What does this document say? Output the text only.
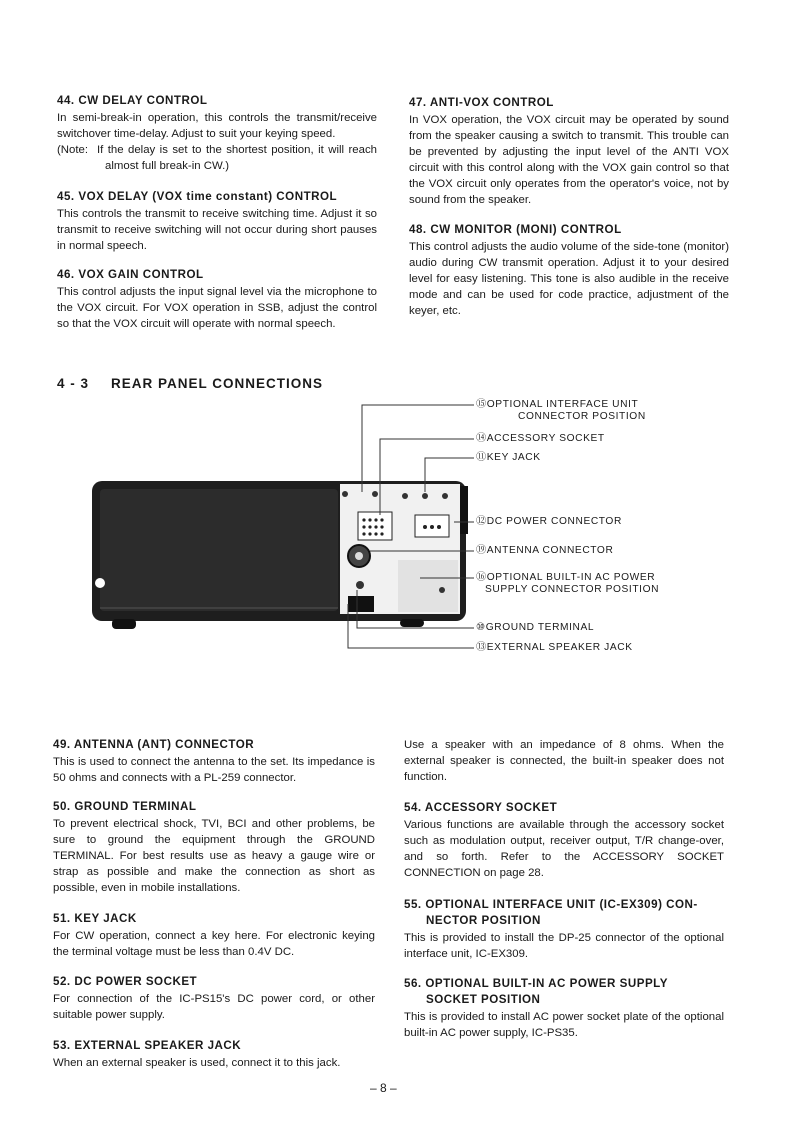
44. CW DELAY CONTROL

In semi-break-in operation, this controls the transmit/receive switchover time-delay. Adjust to suit your keying speed.

(Note: If the delay is set to the shortest position, it will reach almost full break-in CW.)

45. VOX DELAY (VOX time constant) CONTROL

This controls the transmit to receive switching time. Adjust it so transmit to receive switching will not occur during short pauses in normal speech.

46. VOX GAIN CONTROL

This control adjusts the input signal level via the microphone to the VOX circuit. For VOX operation in SSB, adjust the control so that the VOX circuit will operate with normal speech.

47. ANTI-VOX CONTROL

In VOX operation, the VOX circuit may be operated by sound from the speaker causing a switch to transmit. This trouble can be prevented by adjusting the input level of the ANTI VOX circuit with this control along with the VOX gain control so that the VOX circuit only operates from the operator's voice, not by sound from the speaker.

48. CW MONITOR (MONI) CONTROL

This control adjusts the audio volume of the side-tone (monitor) audio during CW transmit operation. Adjust it to your desired level for easy listening. This tone is also audible in the receive mode and can be used for code practice, adjustment of the keyer, etc.

4 - 3 REAR PANEL CONNECTIONS
⑮OPTIONAL INTERFACE UNIT
CONNECTOR POSITION
⑭ACCESSORY SOCKET
⑪KEY JACK
⑫DC POWER CONNECTOR
⑲ANTENNA CONNECTOR
⑯OPTIONAL BUILT-IN AC POWER
SUPPLY CONNECTOR POSITION
⑩GROUND TERMINAL
⑬EXTERNAL SPEAKER JACK
49. ANTENNA (ANT) CONNECTOR

This is used to connect the antenna to the set. Its impedance is 50 ohms and connects with a PL-259 connector.

50. GROUND TERMINAL

To prevent electrical shock, TVI, BCI and other problems, be sure to ground the equipment through the GROUND TERMINAL. For best results use as heavy a gauge wire or strap as possible and make the connection as short as possible, even in mobile installations.

51. KEY JACK

For CW operation, connect a key here. For electronic keying the terminal voltage must be less than 0.4V DC.

52. DC POWER SOCKET

For connection of the IC-PS15's DC power cord, or other suitable power supply.

53. EXTERNAL SPEAKER JACK

When an external speaker is used, connect it to this jack.

Use a speaker with an impedance of 8 ohms. When the external speaker is connected, the built-in speaker does not function.

54. ACCESSORY SOCKET

Various functions are available through the accessory socket such as modulation output, receiver output, T/R change-over, and so forth. Refer to the ACCESSORY SOCKET CONNECTION on page 28.

55. OPTIONAL INTERFACE UNIT (IC-EX309) CON-
NECTOR POSITION

This is provided to install the DP-25 connector of the optional interface unit, IC-EX309.

56. OPTIONAL BUILT-IN AC POWER SUPPLY
SOCKET POSITION

This is provided to install AC power socket plate of the optional built-in AC power supply, IC-PS35.

– 8 –
